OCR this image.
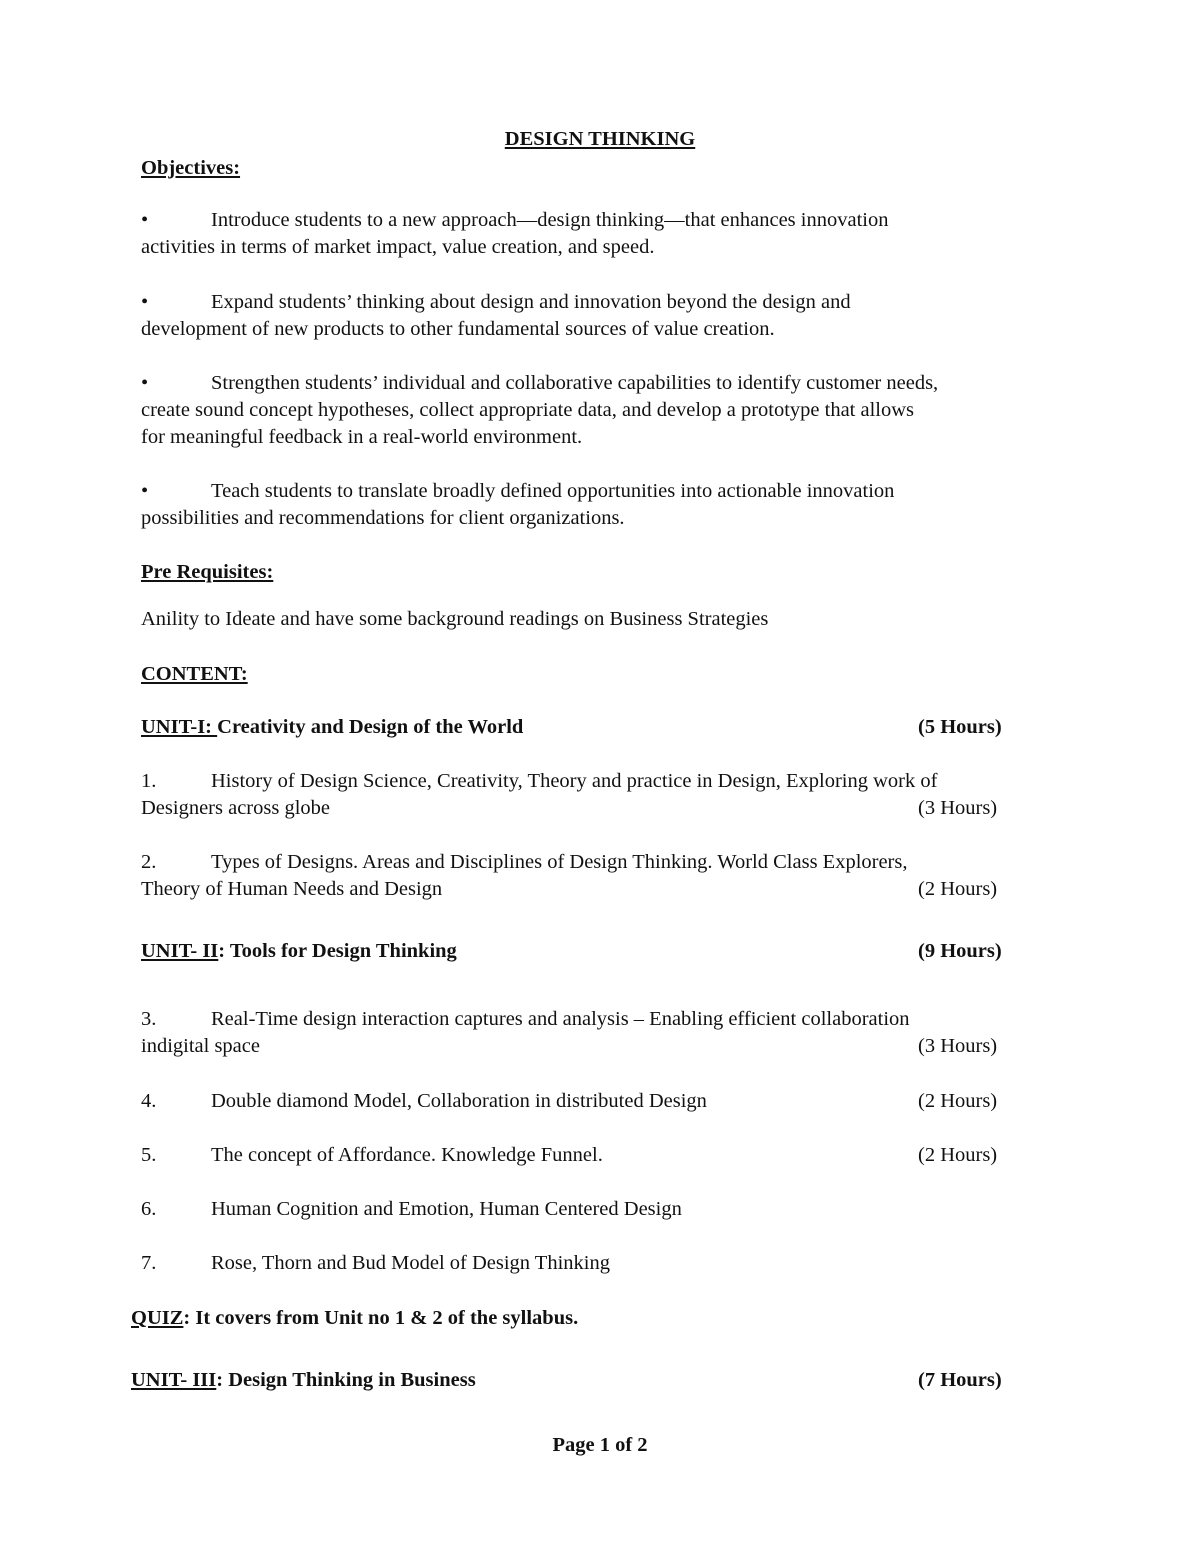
DESIGN THINKING
Objectives:
•	Introduce students to a new approach—design thinking—that enhances innovation
activities in terms of market impact, value creation, and speed.
•	Expand students’ thinking about design and innovation beyond the design and
development of new products to other fundamental sources of value creation.
•	Strengthen students’ individual and collaborative capabilities to identify customer needs,
create sound concept hypotheses, collect appropriate data, and develop a prototype that allows
for meaningful feedback in a real-world environment.
•	Teach students to translate broadly defined opportunities into actionable innovation
possibilities and recommendations for client organizations.
Pre Requisites:
Anility to Ideate and have some background readings on Business Strategies
CONTENT:
UNIT-I: Creativity and Design of the World	(5 Hours)
1.	History of Design Science, Creativity, Theory and practice in Design, Exploring work of
Designers across globe	(3 Hours)
2.	Types of Designs. Areas and Disciplines of Design Thinking. World Class Explorers,
Theory of Human Needs and Design	(2 Hours)
UNIT- II: Tools for Design Thinking	(9 Hours)
3.	Real-Time design interaction captures and analysis – Enabling efficient collaboration
indigital space	(3 Hours)
4.	Double diamond Model, Collaboration in distributed Design	(2 Hours)
5.	The concept of Affordance. Knowledge Funnel.	(2 Hours)
6.	Human Cognition and Emotion, Human Centered Design
7.	Rose, Thorn and Bud Model of Design Thinking
QUIZ: It covers from Unit no 1 & 2 of the syllabus.
UNIT- III: Design Thinking in Business	(7 Hours)
Page 1 of 2
